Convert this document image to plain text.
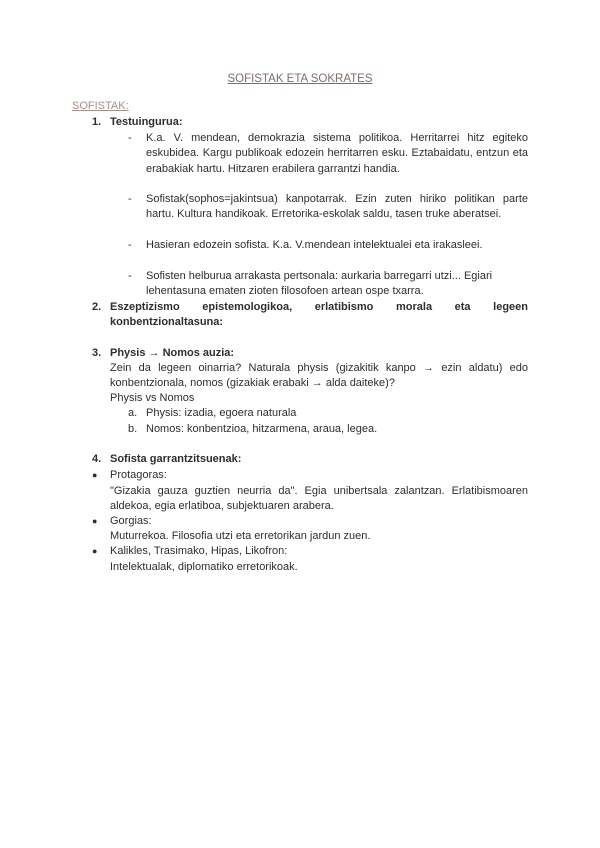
SOFISTAK ETA SOKRATES
SOFISTAK:
1. Testuingurua:
- K.a. V. mendean, demokrazia sistema politikoa. Herritarrei hitz egiteko eskubidea. Kargu publikoak edozein herritarren esku. Eztabaidatu, entzun eta erabakiak hartu. Hitzaren erabilera garrantzi handia.
- Sofistak(sophos=jakintsua) kanpotarrak. Ezin zuten hiriko politikan parte hartu. Kultura handikoak. Erretorika-eskolak saldu, tasen truke aberatsei.
- Hasieran edozein sofista. K.a. V.mendean intelektualei eta irakasleei.
- Sofisten helburua arrakasta pertsonala: aurkaria barregarri utzi... Egiari lehentasuna ematen zioten filosofoen artean ospe txarra.
2. Eszeptizismo epistemologikoa, erlatibismo morala eta legeen konbentzionaltasuna:
3. Physis → Nomos auzia:
Zein da legeen oinarria? Naturala physis (gizakitik kanpo → ezin aldatu) edo konbentzionala, nomos (gizakiak erabaki → alda daiteke)?
Physis vs Nomos
a. Physis: izadia, egoera naturala
b. Nomos: konbentzioa, hitzarmena, araua, legea.
4. Sofista garrantzitsuenak:
● Protagoras:
"Gizakia gauza guztien neurria da". Egia unibertsala zalantzan. Erlatibismoaren aldekoa, egia erlatiboa, subjektuaren arabera.
● Gorgias:
Muturrekoa. Filosofia utzi eta erretorikan jardun zuen.
● Kalikles, Trasimako, Hipas, Likofron:
Intelektualak, diplomatiko erretorikoak.
